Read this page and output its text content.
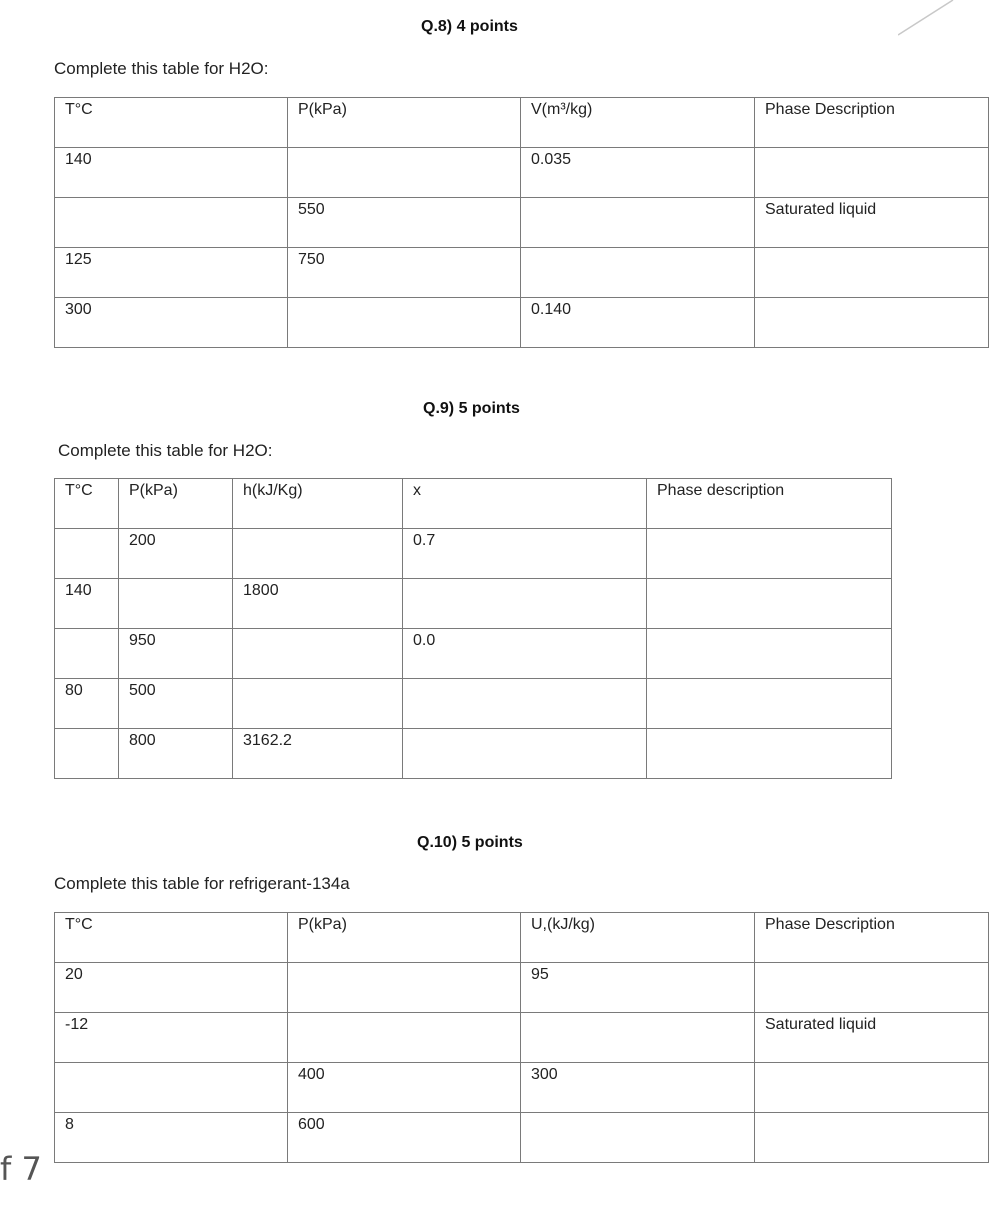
Q.8) 4 points
Complete this table for H2O:
T°C	P(kPa)	V(m³/kg)	Phase Description
140		0.035	
	550		Saturated liquid
125	750		
300		0.140	
Q.9) 5 points
Complete this table for H2O:
T°C	P(kPa)	h(kJ/Kg)	x	Phase description
	200		0.7	
140		1800		
	950		0.0	
80	500			
	800	3162.2		
Q.10) 5 points
Complete this table for refrigerant-134a
T°C	P(kPa)	U,(kJ/kg)	Phase Description
20		95	
-12			Saturated liquid
	400	300	
8	600		
f 7
